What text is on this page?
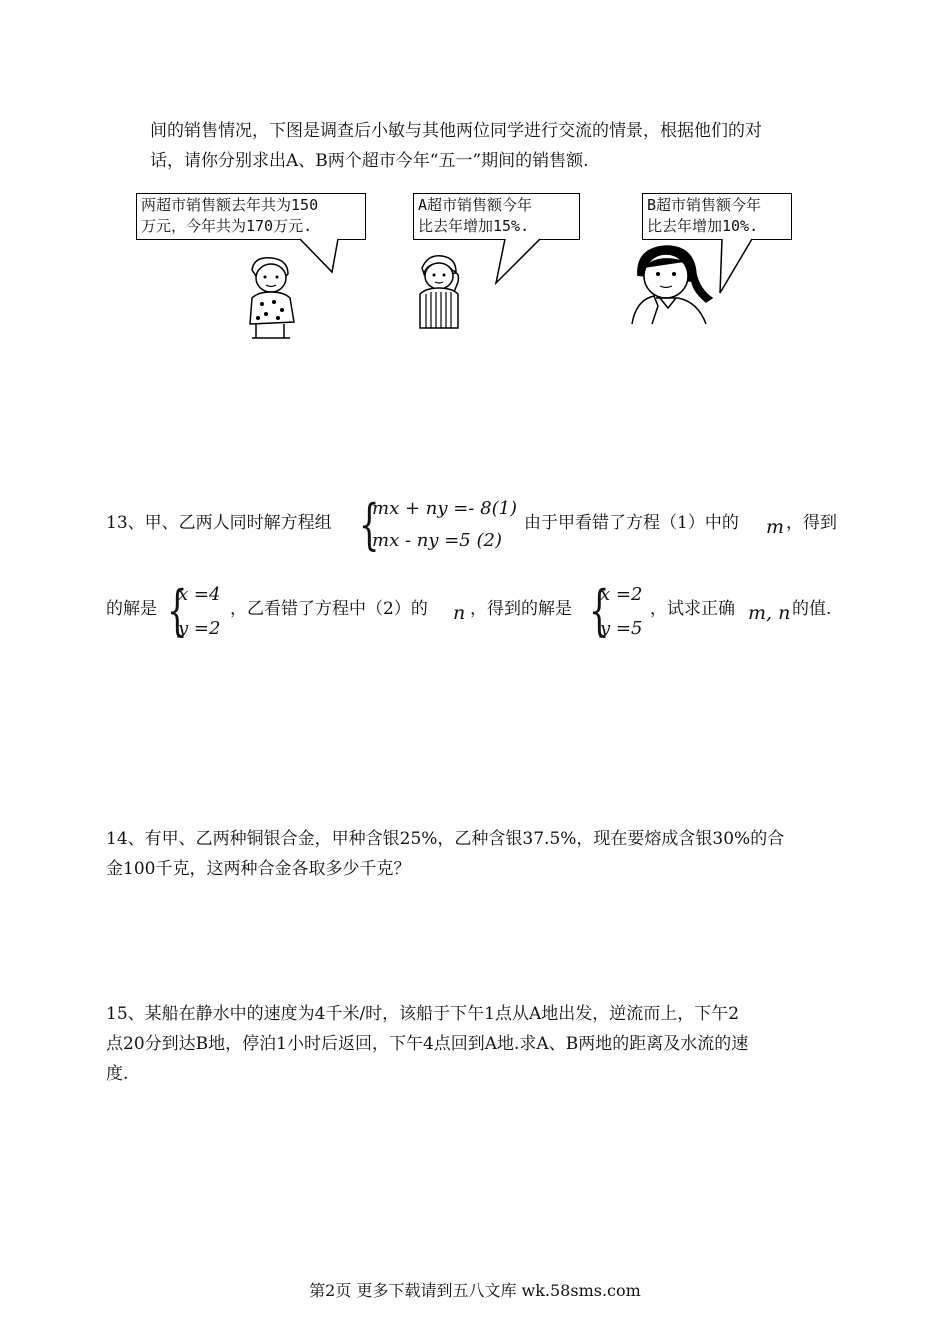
间的销售情况，下图是调查后小敏与其他两位同学进行交流的情景，根据他们的对
话，请你分别求出A、B两个超市今年“五一”期间的销售额.
两超市销售额去年共为150
万元，今年共为170万元.
A超市销售额今年
比去年增加15%.
B超市销售额今年
比去年增加10%.
13、甲、乙两人同时解方程组 {
mx + ny =- 8(1)
mx - ny =5 (2)
由于甲看错了方程（1）中的 m ，得到
的解是 {
x =4
y =2
，乙看错了方程中（2）的 n ，得到的解是 {
x =2
y =5
，试求正确 m, n 的值.
14、有甲、乙两种铜银合金，甲种含银25%，乙种含银37.5%，现在要熔成含银30%的合
金100千克，这两种合金各取多少千克？
15、某船在静水中的速度为4千米/时，该船于下午1点从A地出发，逆流而上，下午2
点20分到达B地，停泊1小时后返回，下午4点回到A地.求A、B两地的距离及水流的速
度.
第2页 更多下载请到五八文库 wk.58sms.com
